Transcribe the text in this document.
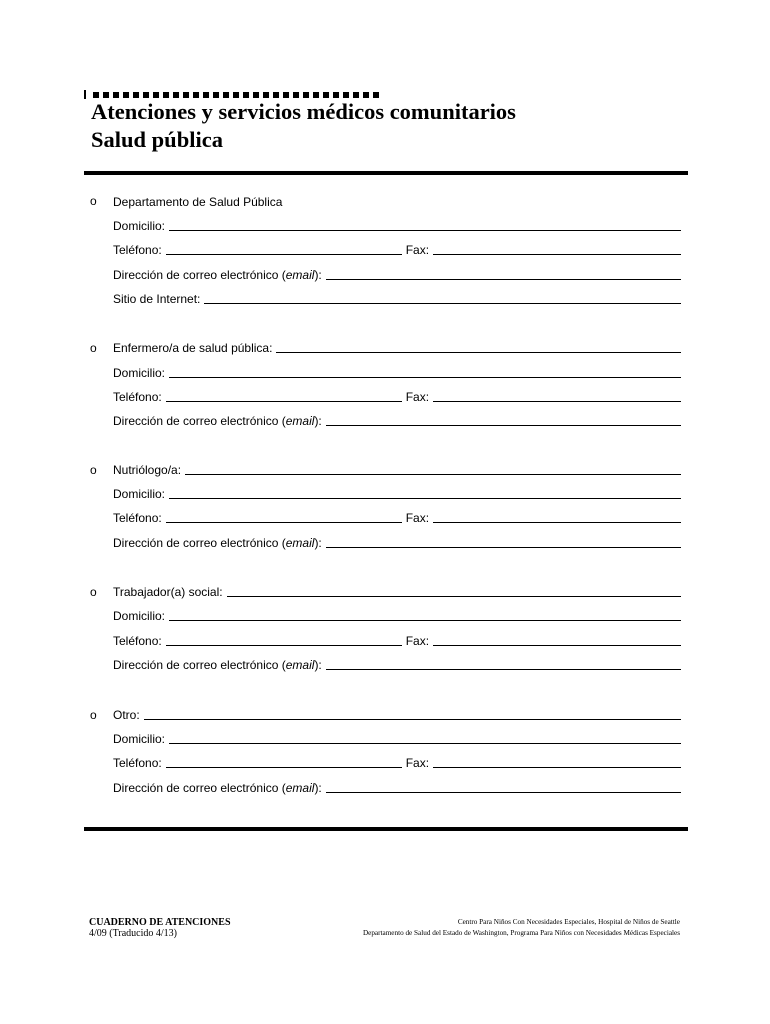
Atenciones y servicios médicos comunitarios
Salud pública
o Departamento de Salud Pública
Domicilio:
Teléfono:	Fax:
Dirección de correo electrónico (email):
Sitio de Internet:
o Enfermero/a de salud pública:
Domicilio:
Teléfono:	Fax:
Dirección de correo electrónico (email):
o Nutriólogo/a:
Domicilio:
Teléfono:	Fax:
Dirección de correo electrónico (email):
o Trabajador(a) social:
Domicilio:
Teléfono:	Fax:
Dirección de correo electrónico (email):
o Otro:
Domicilio:
Teléfono:	Fax:
Dirección de correo electrónico (email):
CUADERNO DE ATENCIONES
4/09 (Traducido 4/13)
Centro Para Niños Con Necesidades Especiales, Hospital de Niños de Seattle
Departamento de Salud del Estado de Washington, Programa Para Niños con Necesidades Médicas Especiales
